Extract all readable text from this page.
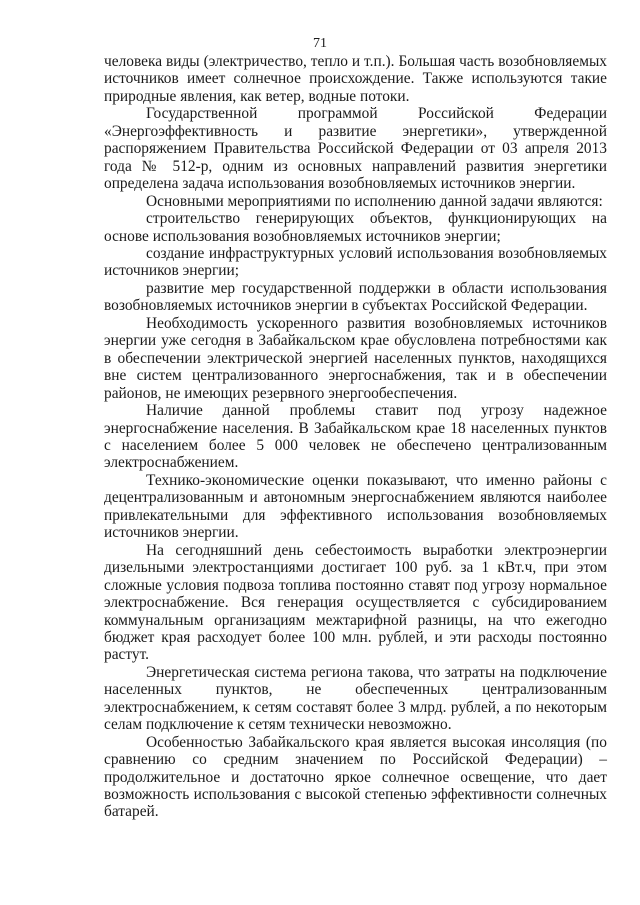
71

человека виды (электричество, тепло и т.п.). Большая часть возобновляемых источников имеет солнечное происхождение. Также используются такие природные явления, как ветер, водные потоки.

Государственной программой Российской Федерации «Энергоэффективность и развитие энергетики», утвержденной распоряжением Правительства Российской Федерации от 03 апреля 2013 года № 512-р, одним из основных направлений развития энергетики определена задача использования возобновляемых источников энергии.

Основными мероприятиями по исполнению данной задачи являются:

строительство генерирующих объектов, функционирующих на основе использования возобновляемых источников энергии;

создание инфраструктурных условий использования возобновляемых источников энергии;

развитие мер государственной поддержки в области использования возобновляемых источников энергии в субъектах Российской Федерации.

Необходимость ускоренного развития возобновляемых источников энергии уже сегодня в Забайкальском крае обусловлена потребностями как в обеспечении электрической энергией населенных пунктов, находящихся вне систем централизованного энергоснабжения, так и в обеспечении районов, не имеющих резервного энергообеспечения.

Наличие данной проблемы ставит под угрозу надежное энергоснабжение населения. В Забайкальском крае 18 населенных пунктов с населением более 5 000 человек не обеспечено централизованным электроснабжением.

Технико-экономические оценки показывают, что именно районы с децентрализованным и автономным энергоснабжением являются наиболее привлекательными для эффективного использования возобновляемых источников энергии.

На сегодняшний день себестоимость выработки электроэнергии дизельными электростанциями достигает 100 руб. за 1 кВт.ч, при этом сложные условия подвоза топлива постоянно ставят под угрозу нормальное электроснабжение. Вся генерация осуществляется с субсидированием коммунальным организациям межтарифной разницы, на что ежегодно бюджет края расходует более 100 млн. рублей, и эти расходы постоянно растут.

Энергетическая система региона такова, что затраты на подключение населенных пунктов, не обеспеченных централизованным электроснабжением, к сетям составят более 3 млрд. рублей, а по некоторым селам подключение к сетям технически невозможно.

Особенностью Забайкальского края является высокая инсоляция (по сравнению со средним значением по Российской Федерации) – продолжительное и достаточно яркое солнечное освещение, что дает возможность использования с высокой степенью эффективности солнечных батарей.
